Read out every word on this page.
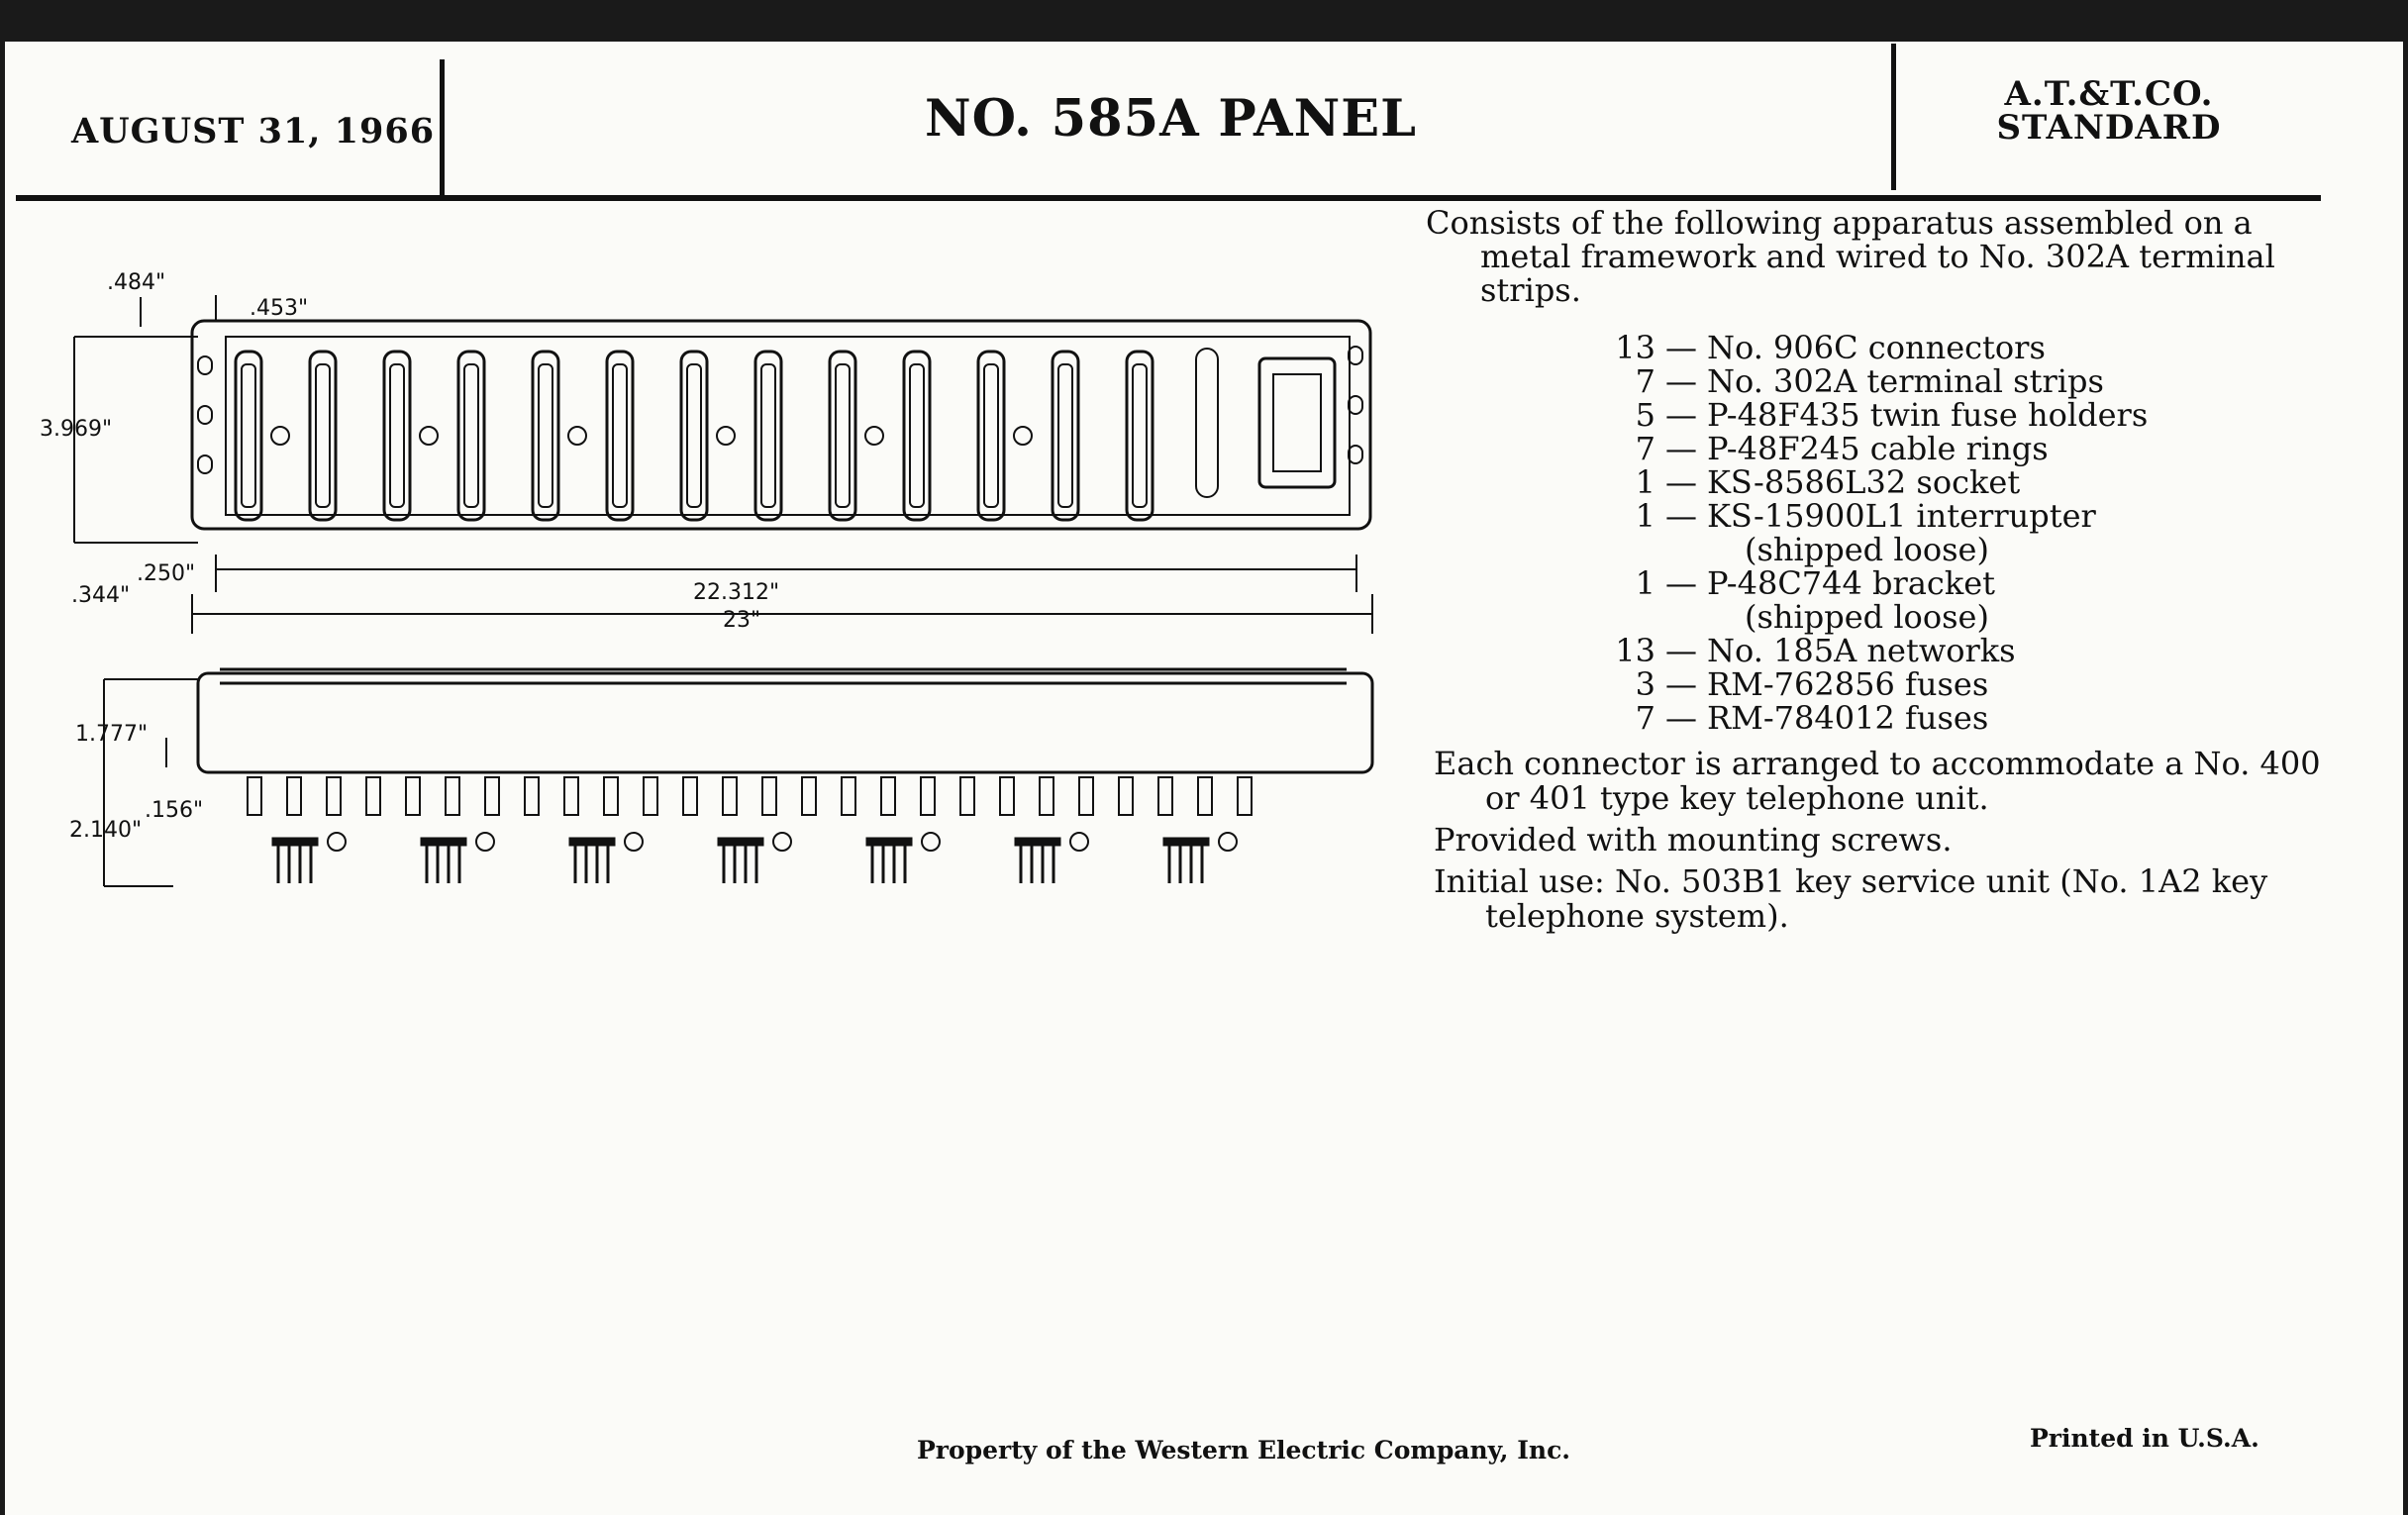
AUGUST 31, 1966	NO. 585A PANEL	A.T.&T.CO.
STANDARD
.484"
.453"
3.969"
.250"
.344"	22.312"
23"
1.777"
.156"
2.140"

Consists of the following apparatus assembled on a metal framework and wired to No. 302A terminal strips.

13 — No. 906C connectors
7 — No. 302A terminal strips
5 — P-48F435 twin fuse holders
7 — P-48F245 cable rings
1 — KS-8586L32 socket
1 — KS-15900L1 interrupter
(shipped loose)
1 — P-48C744 bracket
(shipped loose)
13 — No. 185A networks
3 — RM-762856 fuses
7 — RM-784012 fuses

Each connector is arranged to accommodate a No. 400 or 401 type key telephone unit.

Provided with mounting screws.

Initial use: No. 503B1 key service unit (No. 1A2 key telephone system).

Property of the Western Electric Company, Inc.	Printed in U.S.A.
